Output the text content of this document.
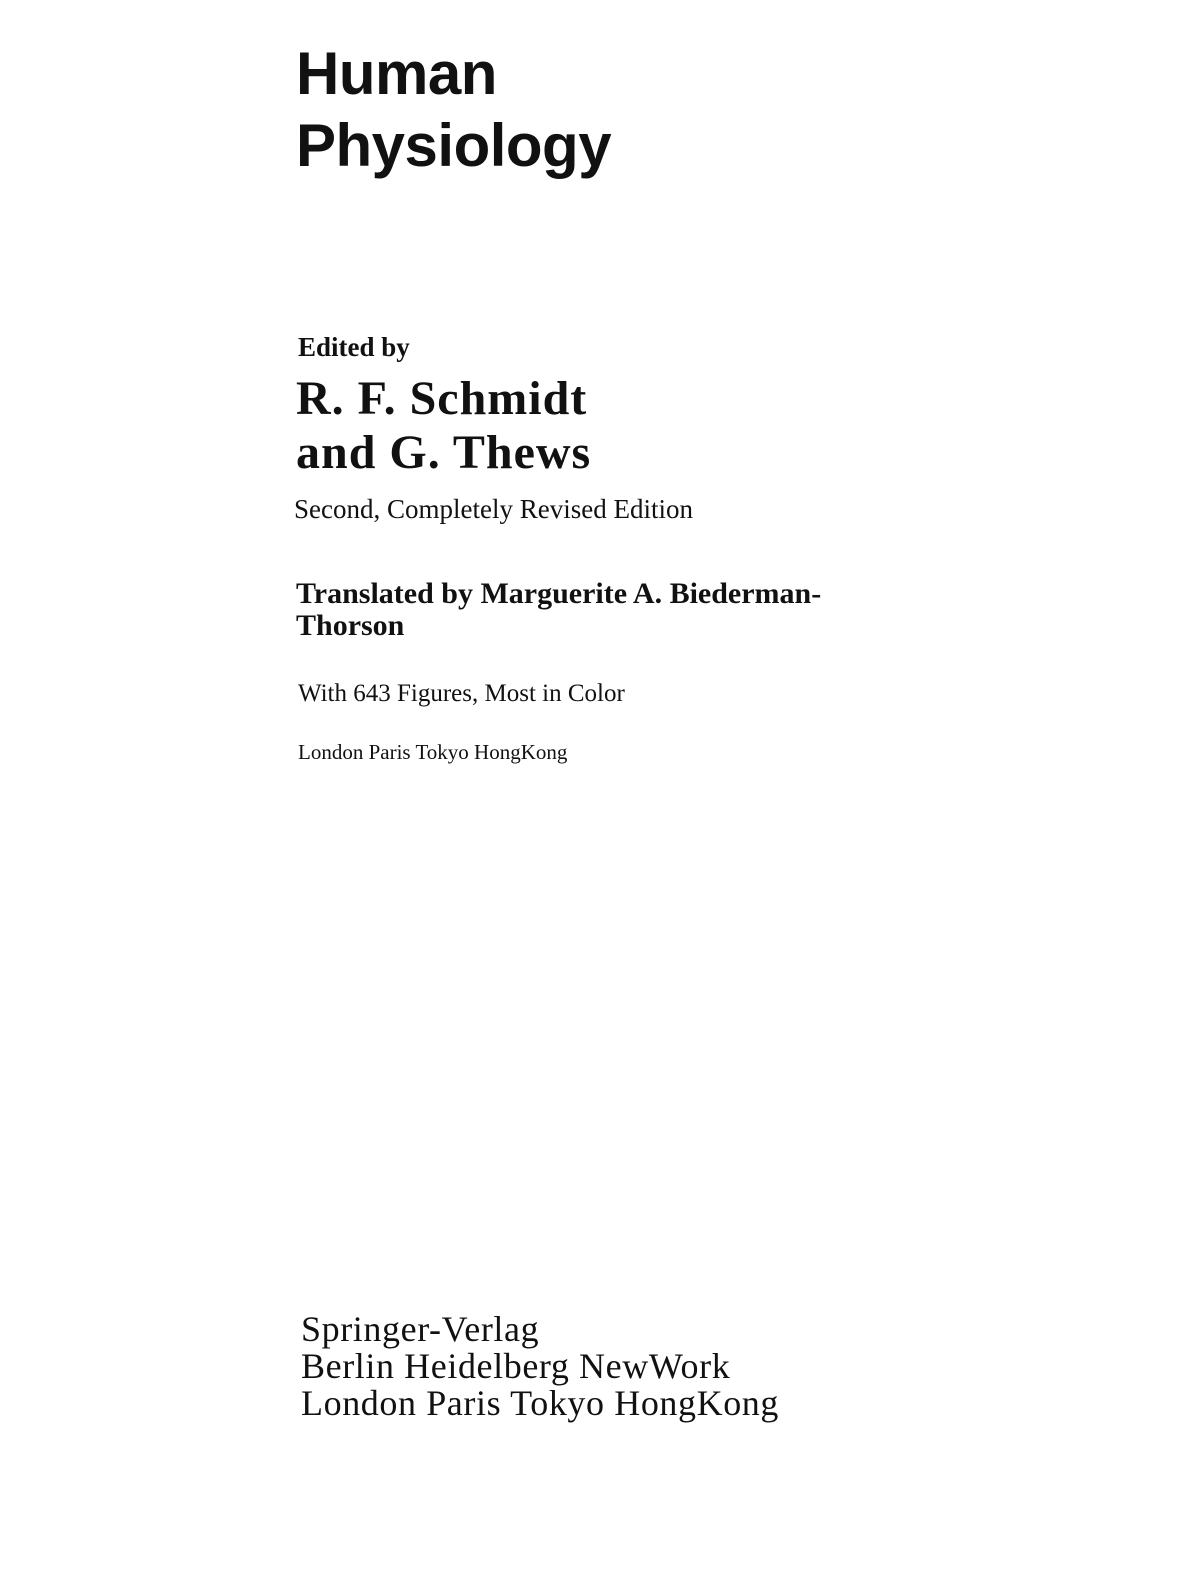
Human
Physiology

Edited by

R. F. Schmidt
and G. Thews

Second, Completely Revised Edition

Translated by Marguerite A. Biederman-
Thorson

With 643 Figures, Most in Color

London Paris Tokyo HongKong

Springer-Verlag
Berlin Heidelberg NewWork
London Paris Tokyo HongKong
